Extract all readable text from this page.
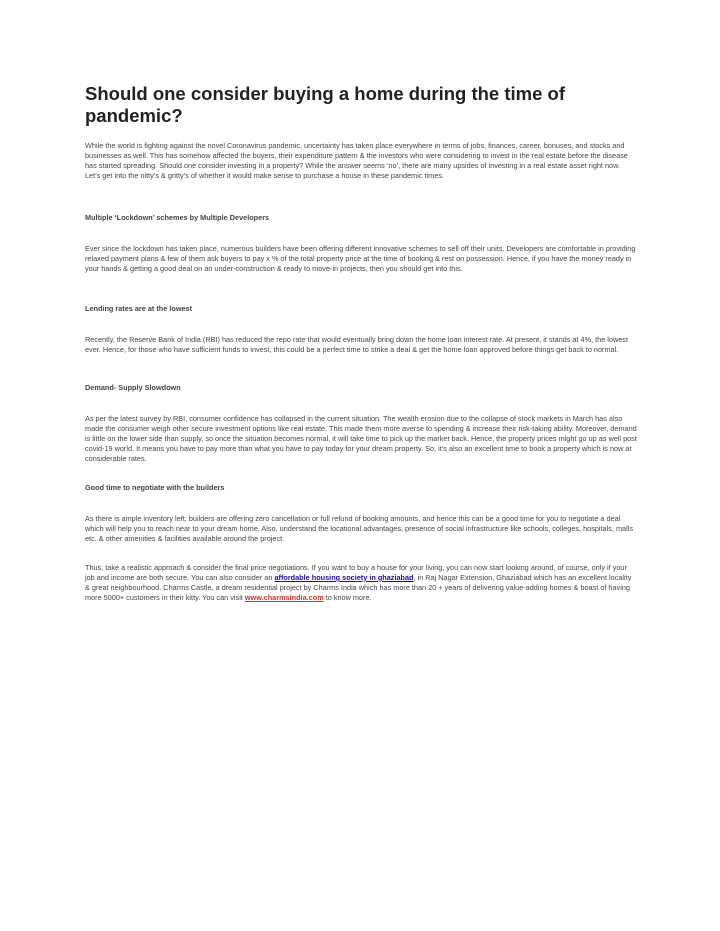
Should one consider buying a home during the time of pandemic?

While the world is fighting against the novel Coronavirus pandemic, uncertainty has taken place everywhere in terms of jobs, finances, career, bonuses, and stocks and businesses as well. This has somehow affected the buyers, their expenditure pattern & the investors who were considering to invest in the real estate before the disease has started spreading. Should one consider investing in a property? While the answer seems ‘no’, there are many upsides of investing in a real estate asset right now. Let’s get into the nitty’s & gritty’s of whether it would make sense to purchase a house in these pandemic times.

Multiple ‘Lockdown’ schemes by Multiple Developers

Ever since the lockdown has taken place, numerous builders have been offering different innovative schemes to sell off their units. Developers are comfortable in providing relaxed payment plans & few of them ask buyers to pay x % of the total property price at the time of booking & rest on possession. Hence, if you have the money ready in your hands & getting a good deal on an under-construction & ready to move-in projects, then you should get into this.

Lending rates are at the lowest

Recently, the Reserve Bank of India (RBI) has reduced the repo rate that would eventually bring down the home loan interest rate. At present, it stands at 4%, the lowest ever. Hence, for those who have sufficient funds to invest, this could be a perfect time to strike a deal & get the home loan approved before things get back to normal.

Demand- Supply Slowdown

As per the latest survey by RBI, consumer confidence has collapsed in the current situation. The wealth erosion due to the collapse of stock markets in March has also made the consumer weigh other secure investment options like real estate. This made them more averse to spending & increase their risk-taking ability. Moreover, demand is little on the lower side than supply, so once the situation becomes normal, it will take time to pick up the market back. Hence, the property prices might go up as well post covid-19 world. It means you have to pay more than what you have to pay today for your dream property. So, it’s also an excellent time to book a property which is now at considerable rates.

Good time to negotiate with the builders

As there is ample inventory left, builders are offering zero cancellation or full refund of booking amounts, and hence this can be a good time for you to negotiate a deal which will help you to reach near to your dream home. Also, understand the locational advantages, presence of social infrastructure like schools, colleges, hospitals, malls etc. & other amenities & facilities available around the project.

Thus, take a realistic approach & consider the final price negotiations. If you want to buy a house for your living, you can now start looking around, of course, only if your job and income are both secure. You can also consider an affordable housing society in ghaziabad, in Raj Nagar Extension, Ghaziabad which has an excellent locality & great neighbourhood. Charms Castle, a dream residential project by Charms India which has more than 20 + years of delivering value-adding homes & boast of having more 5000+ customers in their kitty. You can visit www.charmsindia.com to know more.
